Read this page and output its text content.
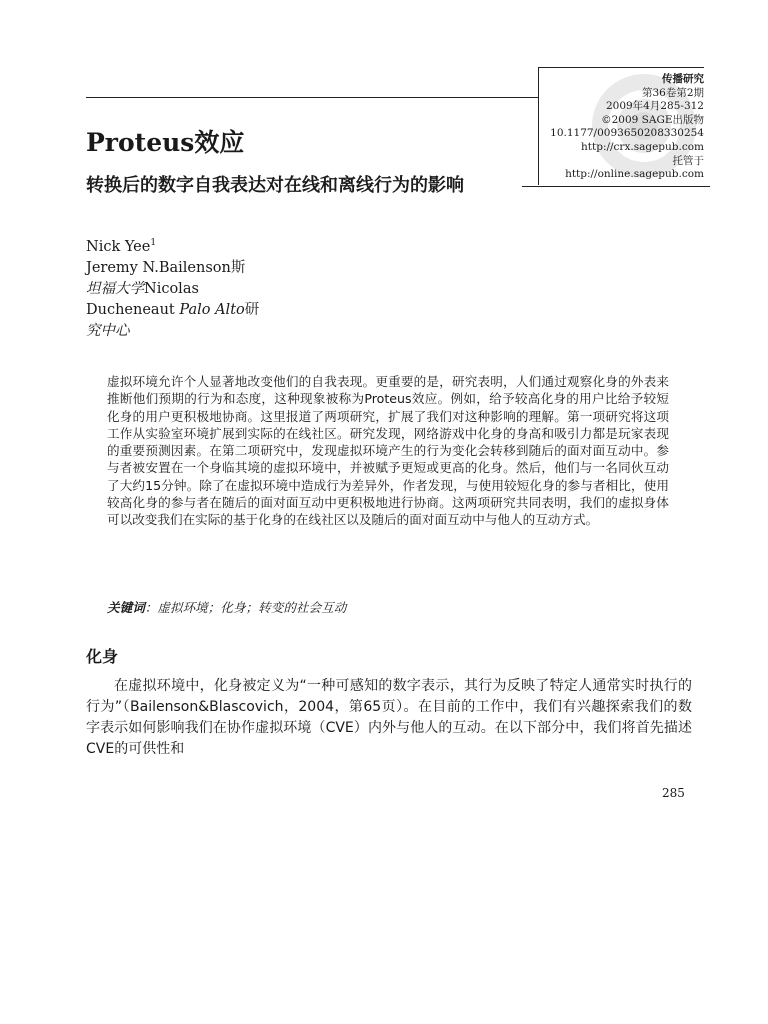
传播研究
第36卷第2期
2009年4月285-312
©2009 SAGE出版物
10.1177/0093650208330254
http://crx.sagepub.com
托管于
http://online.sagepub.com
Proteus效应
转换后的数字自我表达对在线和离线行为的影响
Nick Yee$^1$
Jeremy N.Bailenson斯
坦福大学Nicolas
Ducheneaut Palo Alto研
究中心
虚拟环境允许个人显著地改变他们的自我表现。更重要的是，研究表明，人们通过观察化身的外表来推断他们预期的行为和态度，这种现象被称为Proteus效应。例如，给予较高化身的用户比给予较短化身的用户更积极地协商。这里报道了两项研究，扩展了我们对这种影响的理解。第一项研究将这项工作从实验室环境扩展到实际的在线社区。研究发现，网络游戏中化身的身高和吸引力都是玩家表现的重要预测因素。在第二项研究中，发现虚拟环境产生的行为变化会转移到随后的面对面互动中。参与者被安置在一个身临其境的虚拟环境中，并被赋予更短或更高的化身。然后，他们与一名同伙互动了大约15分钟。除了在虚拟环境中造成行为差异外，作者发现，与使用较短化身的参与者相比，使用较高化身的参与者在随后的面对面互动中更积极地进行协商。这两项研究共同表明，我们的虚拟身体可以改变我们在实际的基于化身的在线社区以及随后的面对面互动中与他人的互动方式。
关键词：虚拟环境；化身；转变的社会互动
化身
在虚拟环境中，化身被定义为“一种可感知的数字表示，其行为反映了特定人通常实时执行的行为”（Bailenson&Blascovich，2004，第65页）。在目前的工作中，我们有兴趣探索我们的数字表示如何影响我们在协作虚拟环境（CVE）内外与他人的互动。在以下部分中，我们将首先描述CVE的可供性和
285
